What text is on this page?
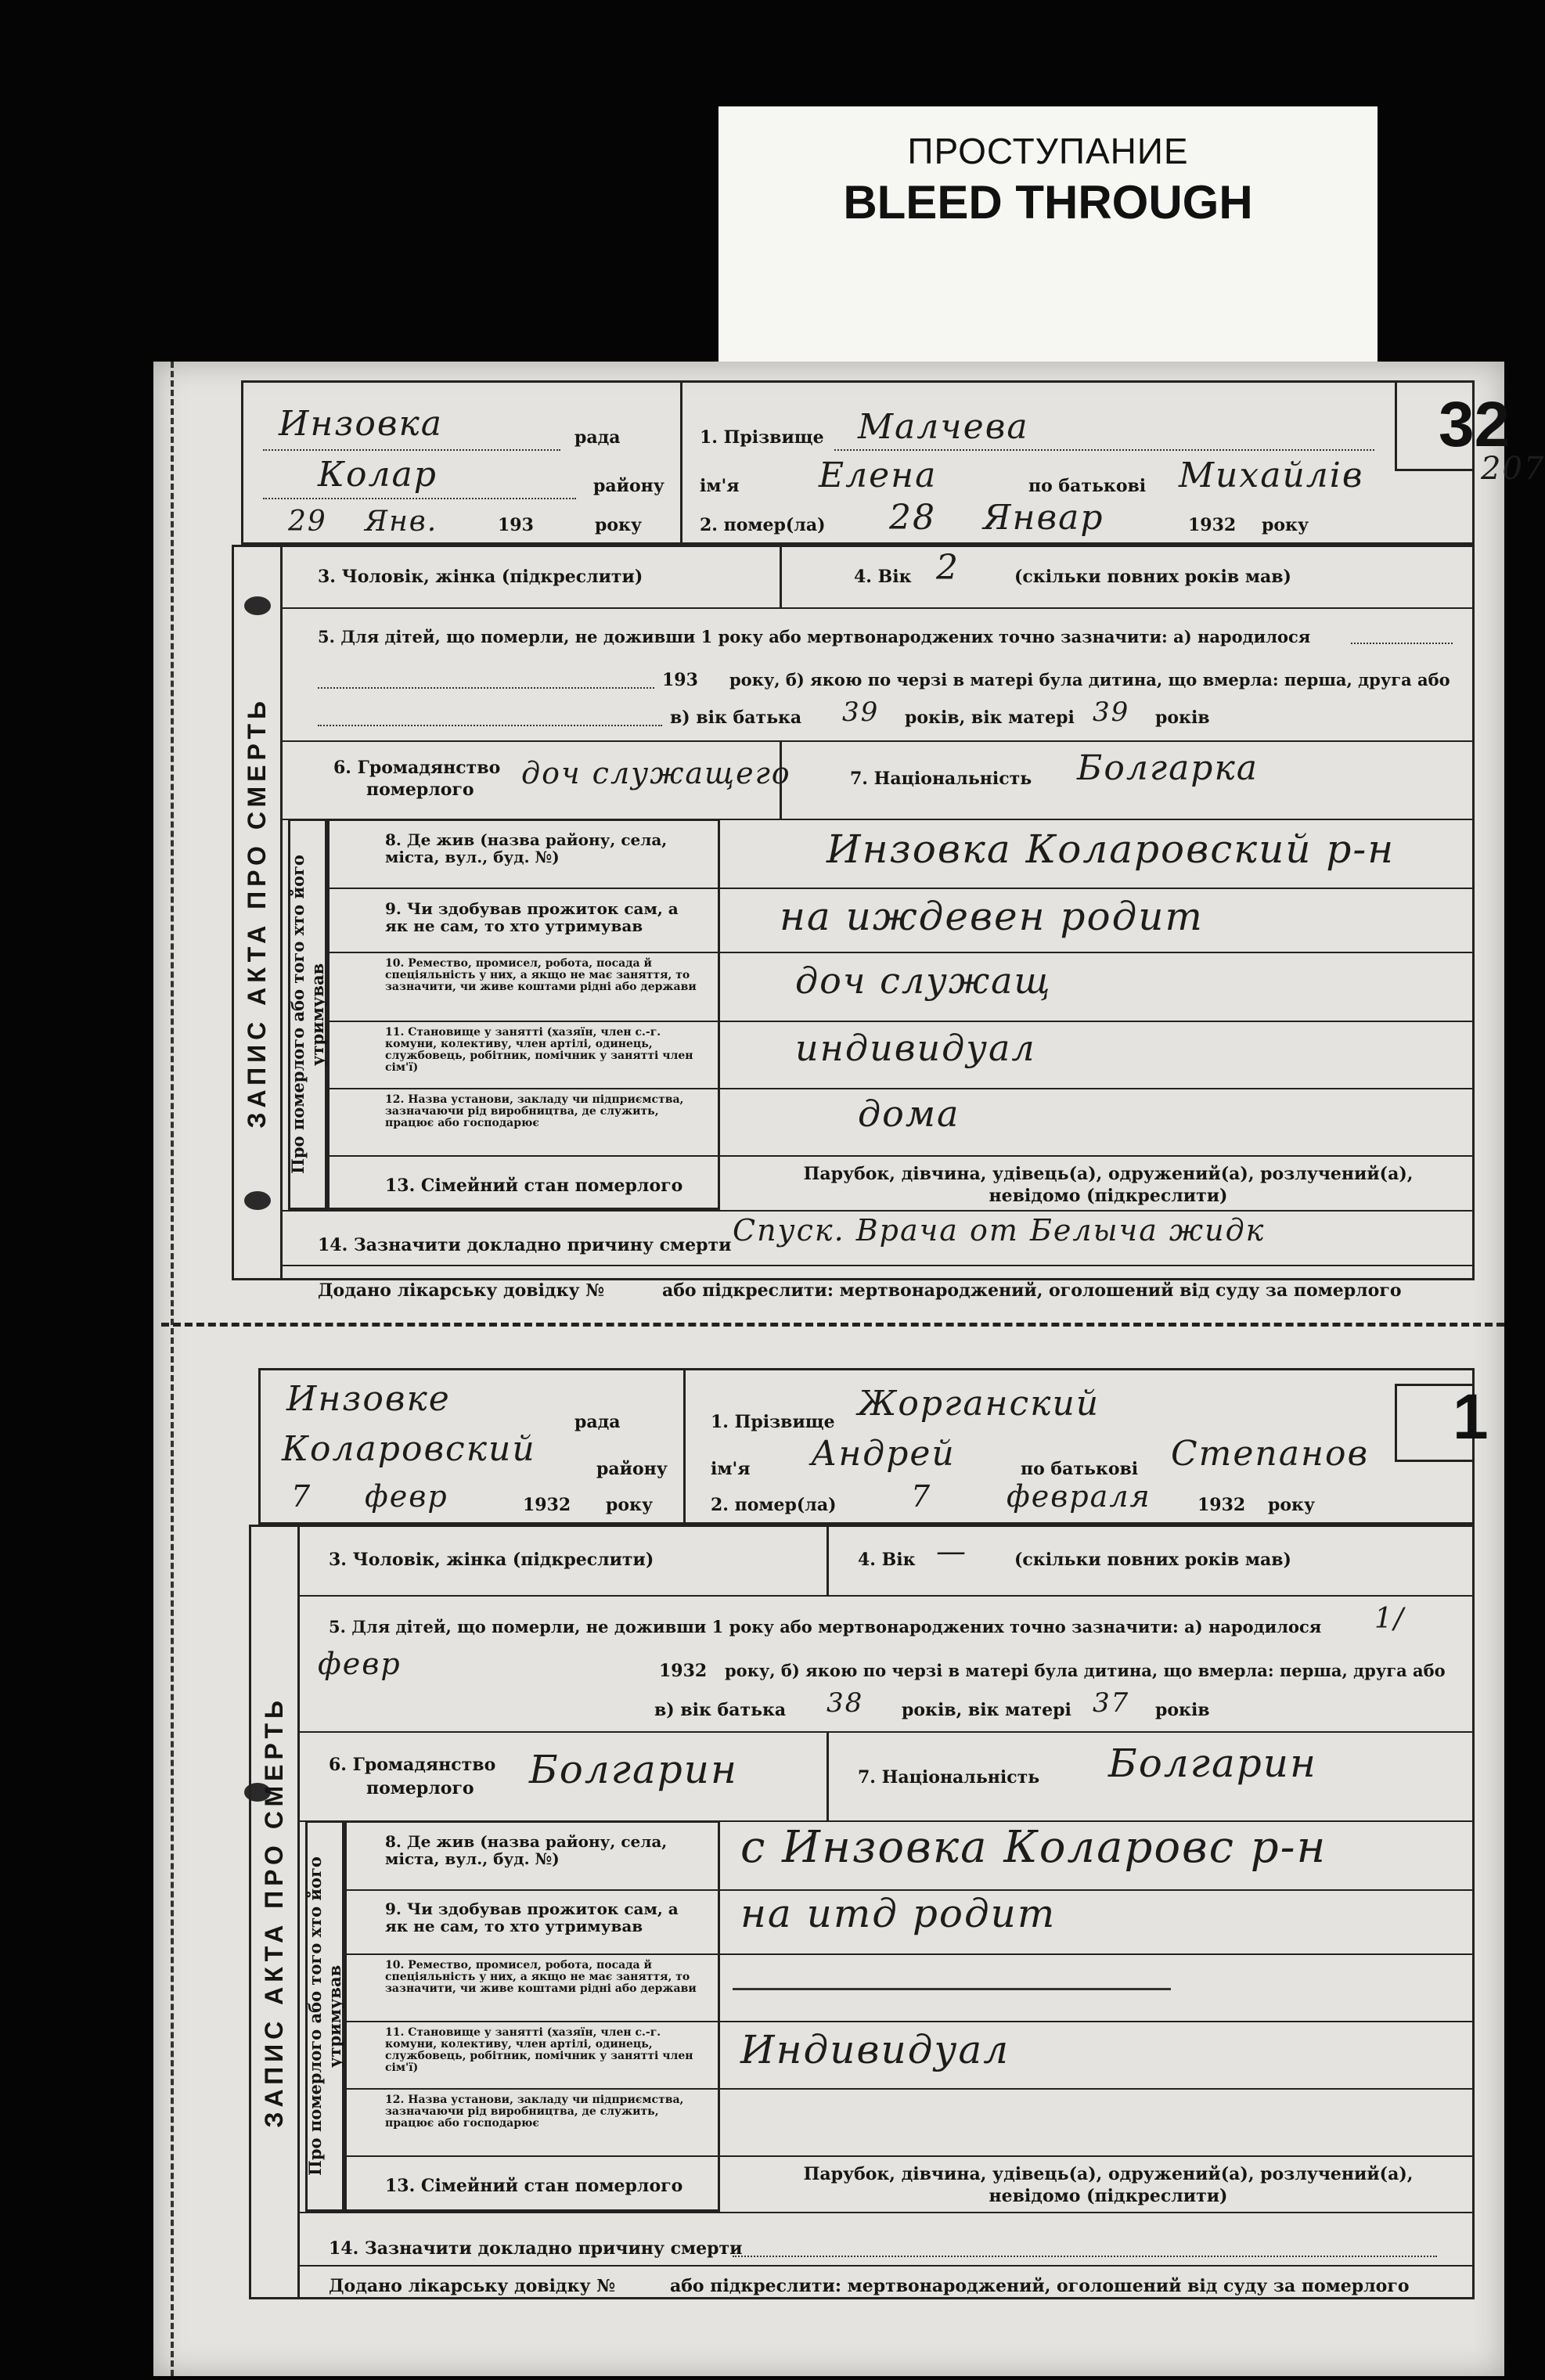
ПРОСТУПАНИЕ
BLEED THROUGH
Инзовка	рада
Колар	району
29 Янв.	193	року
1. Прізвище Малчева
ім'я Елена	по батькові Михайлів
2. помер(ла) 28 Январ	1932 року
32
207
ЗАПИС АКТА ПРО СМЕРТЬ
3. Чоловік, жінка (підкреслити)	4. Вік 2	(скільки повних років мав)
5. Для дітей, що померли, не доживши 1 року або мертвонароджених точно зазначити: а) народилося
193 року, б) якою по черзі в матері була дитина, що вмерла: перша, друга або
в) вік батька 39 років, вік матері 39 років
6. Громадянство
померлого доч служащего	7. Національність Болгарка
Про померлого або того хто його утримував
8. Де жив (назва району, села, міста, вул., буд. №)	Инзовка Коларовский р-н
9. Чи здобував прожиток сам, а як не сам, то хто утримував	на иждевен родит
10. Ремество, промисел, робота, посада й спеціяльність у них, а якщо не має заняття, то зазначити, чи живе коштами рідні або держави	доч служащ
11. Становище у занятті (хазяїн, член с.-г. комуни, колективу, член артілі, одинець, службовець, робітник, помічник у занятті член сім'ї)	индивидуал
12. Назва установи, закладу чи підприємства, зазначаючи рід виробництва, де служить, працює або господарює	дома
13. Сімейний стан померлого
Парубок, дівчина, удівець(а), одружений(а), розлучений(а), невідомо (підкреслити)
14. Зазначити докладно причину смерти Спуск. Врача от Белыча жидк
Додано лікарську довідку №	або підкреслити: мертвонароджений, оголошений від суду за померлого
Инзовке
рада
Коларовский	району
7 февр	1932 року
1. Прізвище Жорганский
ім'я Андрей	по батькові Степанов
2. помер(ла)	7	февраля	1932 року
1
ЗАПИС АКТА ПРО СМЕРТЬ
3. Чоловік, жінка (підкреслити)	4. Вік —	(скільки повних років мав)
5. Для дітей, що померли, не доживши 1 року або мертвонароджених точно зазначити: а) народилося 1/
февр	1932 року, б) якою по черзі в матері була дитина, що вмерла: перша, друга або
в) вік батька 38 років, вік матері 37 років
6. Громадянство
померлого Болгарин	7. Національність Болгарин
Про померлого або того хто його утримував
8. Де жив (назва району, села, міста, вул., буд. №)	с Инзовка Коларовс р-н
9. Чи здобував прожиток сам, а як не сам, то хто утримував	на итд родит
10. Ремество, промисел, робота, посада й спеціяльність у них, а якщо не має заняття, то зазначити, чи живе коштами рідні або держави
11. Становище у занятті (хазяїн, член с.-г. комуни, колективу, член артілі, одинець, службовець, робітник, помічник у занятті член сім'ї)	Индивидуал
12. Назва установи, закладу чи підприємства, зазначаючи рід виробництва, де служить, працює або господарює
13. Сімейний стан померлого
Парубок, дівчина, удівець(а), одружений(а), розлучений(а), невідомо (підкреслити)
14. Зазначити докладно причину смерти
Додано лікарську довідку №	або підкреслити: мертвонароджений, оголошений від суду за померлого
